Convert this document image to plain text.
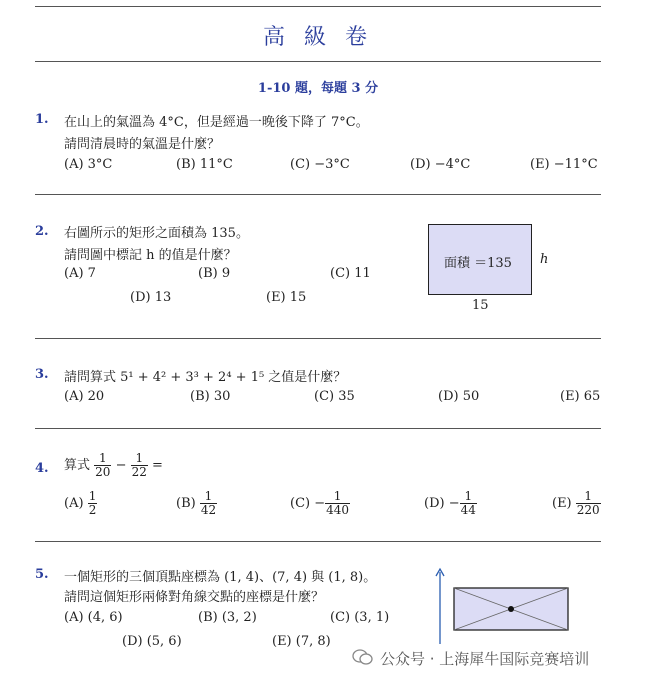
高 級 卷
1-10 題，每題 3 分
1. 在山上的氣溫為 4°C，但是經過一晚後下降了 7°C。
請問清晨時的氣溫是什麼？
(A) 3°C	(B) 11°C	(C) −3°C	(D) −4°C	(E) −11°C
2. 右圖所示的矩形之面積為 135。
請問圖中標記 h 的值是什麼？
(A) 7	(B) 9	(C) 11
(D) 13	(E) 15
面積 ＝135 h
15
3. 請問算式 5¹ + 4² + 3³ + 2⁴ + 1⁵ 之值是什麼？
(A) 20	(B) 30	(C) 35	(D) 50	(E) 65
4. 算式 $\frac{1}{20} - \frac{1}{22}$ =
$(A) \frac{1}{2}$	$(B) \frac{1}{42}$	$(C) - \frac{1}{440}$	$(D) - \frac{1}{44}$	$(E) \frac{1}{220}$
5. 一個矩形的三個頂點座標為 (1, 4)、(7, 4) 與 (1, 8)。
請問這個矩形兩條對角線交點的座標是什麼？
(A) (4, 6)	(B) (3, 2)	(C) (3, 1)
(D) (5, 6)	(E) (7, 8)
公众号 · 上海犀牛国际竞赛培训
